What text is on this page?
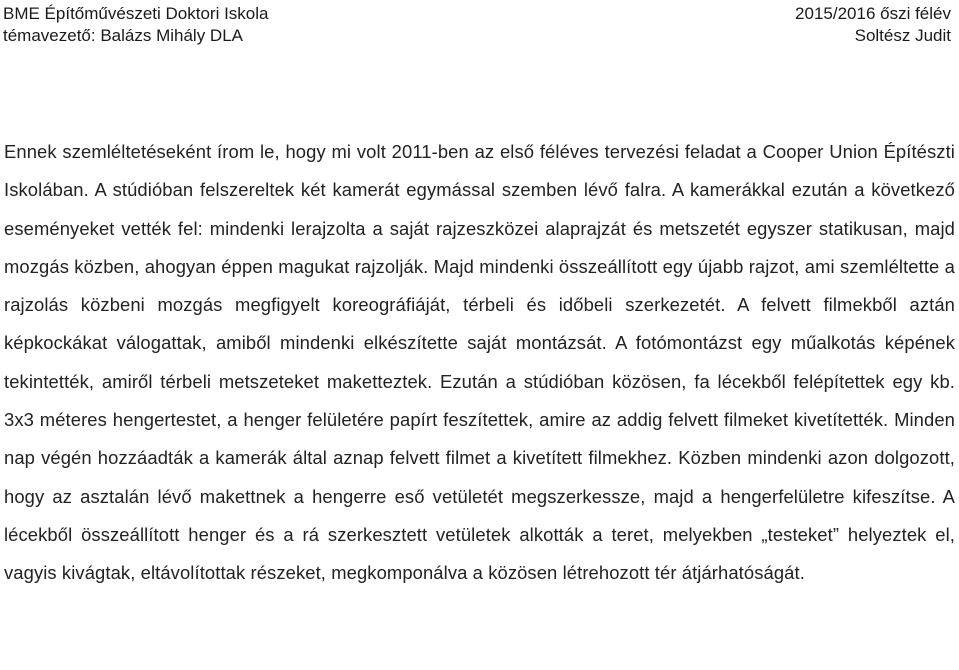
BME Építőművészeti Doktori Iskola
témavezető: Balázs Mihály DLA
2015/2016 őszi félév
Soltész Judit

Ennek szemléltetéseként írom le, hogy mi volt 2011-ben az első féléves tervezési feladat a Cooper Union Építészti Iskolában. A stúdióban felszereltek két kamerát egymással szemben lévő falra. A kamerákkal ezután a következő eseményeket vették fel: mindenki lerajzolta a saját rajzeszközei alaprajzát és metszetét egyszer statikusan, majd mozgás közben, ahogyan éppen magukat rajzolják. Majd mindenki összeállított egy újabb rajzot, ami szemléltette a rajzolás közbeni mozgás megfigyelt koreográfiáját, térbeli és időbeli szerkezetét. A felvett filmekből aztán képkockákat válogattak, amiből mindenki elkészítette saját montázsát. A fotómontázst egy műalkotás képének tekintették, amiről térbeli metszeteket maketteztek. Ezután a stúdióban közösen, fa lécekből felépítettek egy kb. 3x3 méteres hengertestet, a henger felületére papírt feszítettek, amire az addig felvett filmeket kivetítették. Minden nap végén hozzáadták a kamerák által aznap felvett filmet a kivetített filmekhez. Közben mindenki azon dolgozott, hogy az asztalán lévő makettnek a hengerre eső vetületét megszerkessze, majd a hengerfelületre kifeszítse. A lécekből összeállított henger és a rá szerkesztett vetületek alkották a teret, melyekben „testeket” helyeztek el, vagyis kivágtak, eltávolítottak részeket, megkomponálva a közösen létrehozott tér átjárhatóságát.
